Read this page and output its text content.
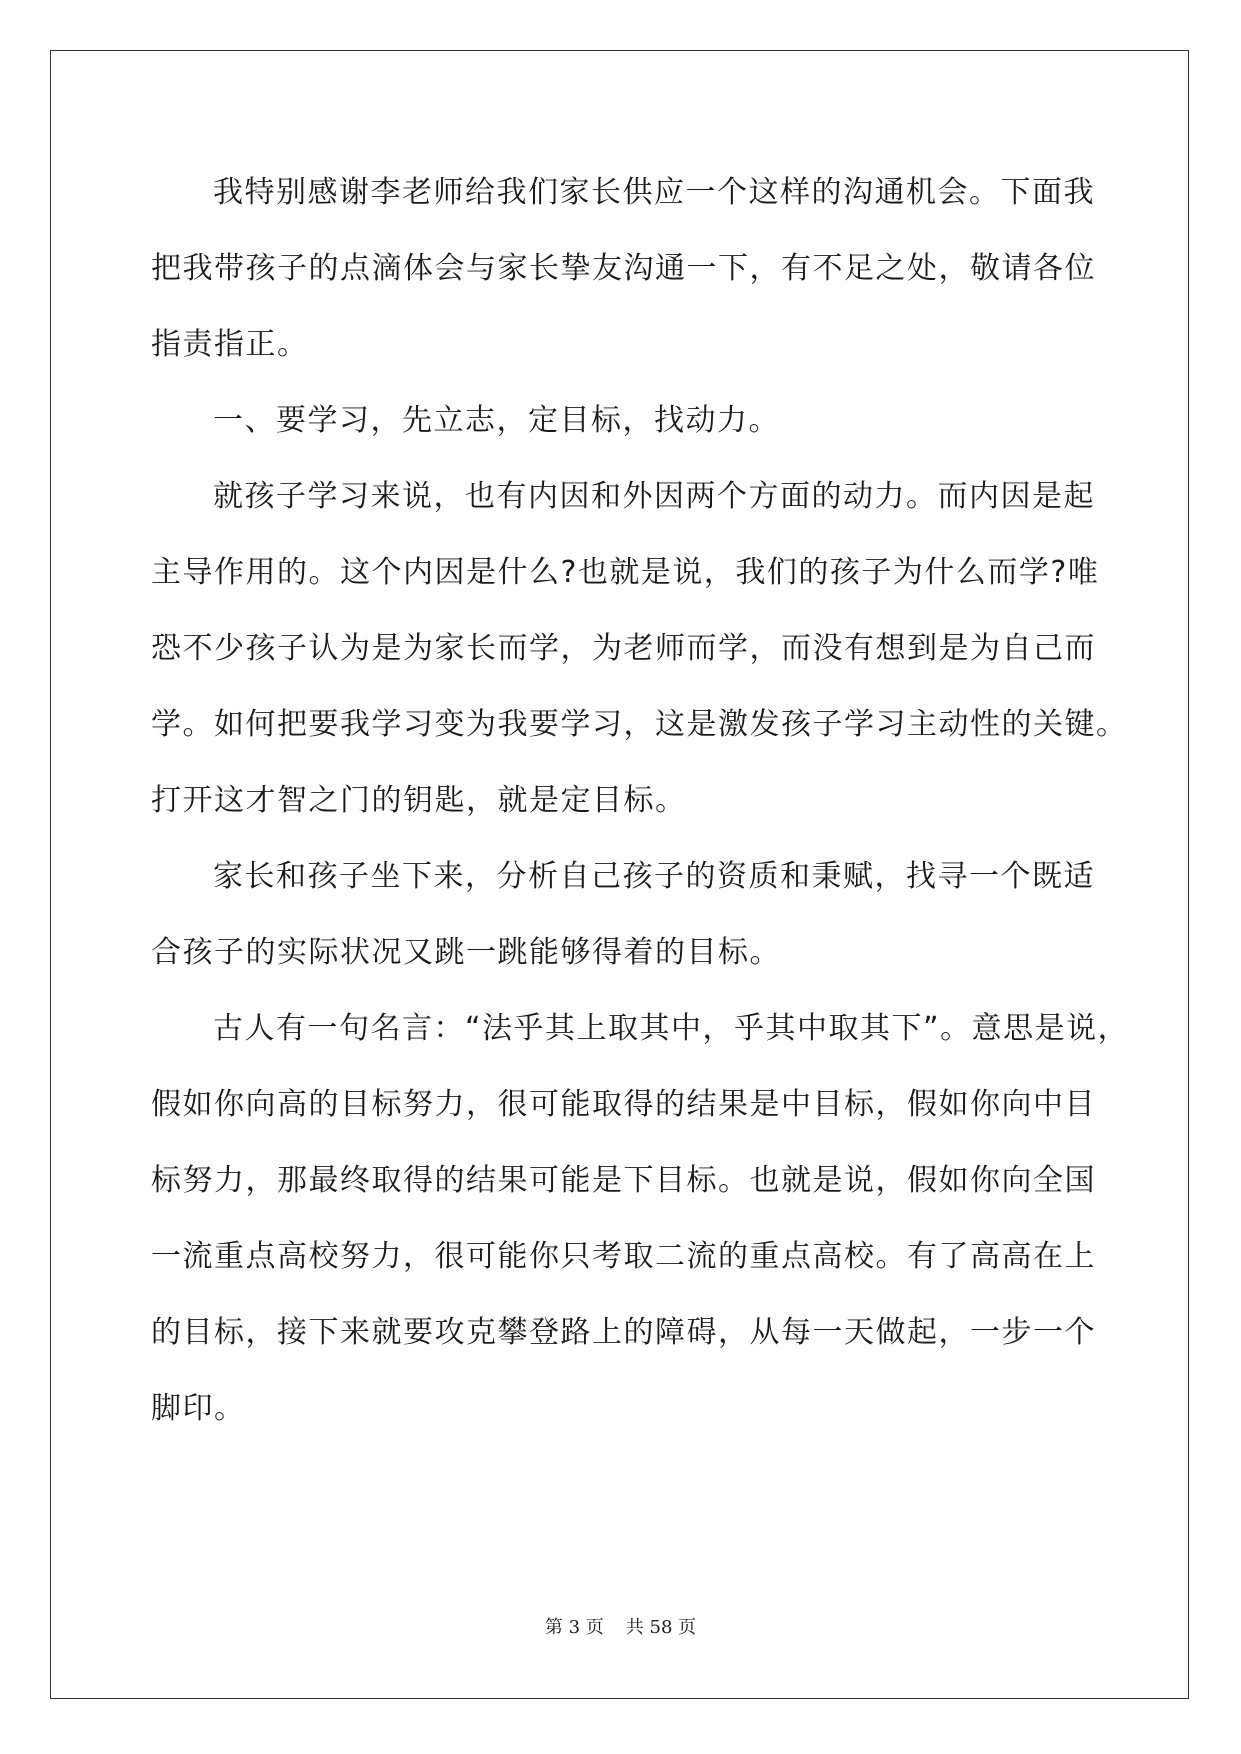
我特别感谢李老师给我们家长供应一个这样的沟通机会。下面我
把我带孩子的点滴体会与家长挚友沟通一下，有不足之处，敬请各位
指责指正。
一、要学习，先立志，定目标，找动力。
就孩子学习来说，也有内因和外因两个方面的动力。而内因是起
主导作用的。这个内因是什么?也就是说，我们的孩子为什么而学?唯
恐不少孩子认为是为家长而学，为老师而学，而没有想到是为自己而
学。如何把要我学习变为我要学习，这是激发孩子学习主动性的关键。
打开这才智之门的钥匙，就是定目标。
家长和孩子坐下来，分析自己孩子的资质和秉赋，找寻一个既适
合孩子的实际状况又跳一跳能够得着的目标。
古人有一句名言：“法乎其上取其中，乎其中取其下”。意思是说，
假如你向高的目标努力，很可能取得的结果是中目标，假如你向中目
标努力，那最终取得的结果可能是下目标。也就是说，假如你向全国
一流重点高校努力，很可能你只考取二流的重点高校。有了高高在上
的目标，接下来就要攻克攀登路上的障碍，从每一天做起，一步一个
脚印。
第 3 页 共 58 页
